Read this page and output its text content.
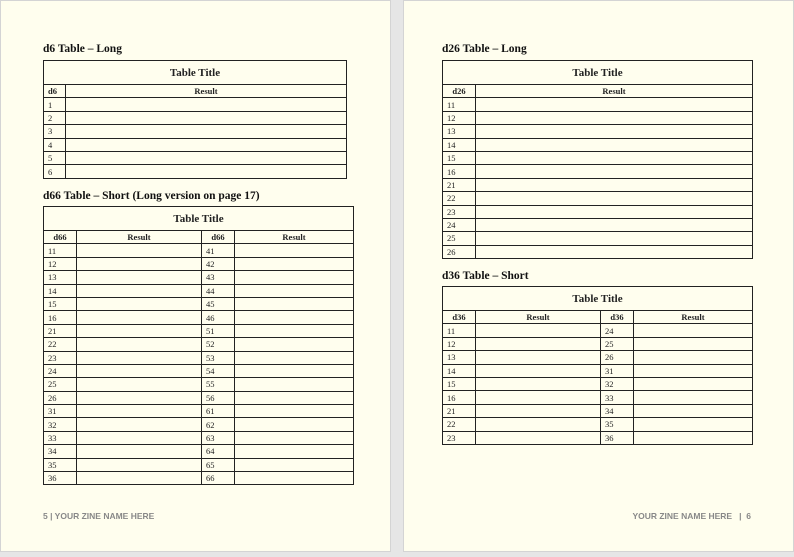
d6 Table – Long
Table Title	
d6	Result
1	
2	
3	
4	
5	
6	
d66 Table – Short (Long version on page 17)
Table Title			
d66	Result	d66	Result
11		41	
12		42	
13		43	
14		44	
15		45	
16		46	
21		51	
22		52	
23		53	
24		54	
25		55	
26		56	
31		61	
32		62	
33		63	
34		64	
35		65	
36		66	
5 | YOUR ZINE NAME HERE
d26 Table – Long
Table Title	
d26	Result
11	
12	
13	
14	
15	
16	
21	
22	
23	
24	
25	
26	
d36 Table – Short
Table Title			
d36	Result	d36	Result
11		24	
12		25	
13		26	
14		31	
15		32	
16		33	
21		34	
22		35	
23		36	
YOUR ZINE NAME HERE   |  6
